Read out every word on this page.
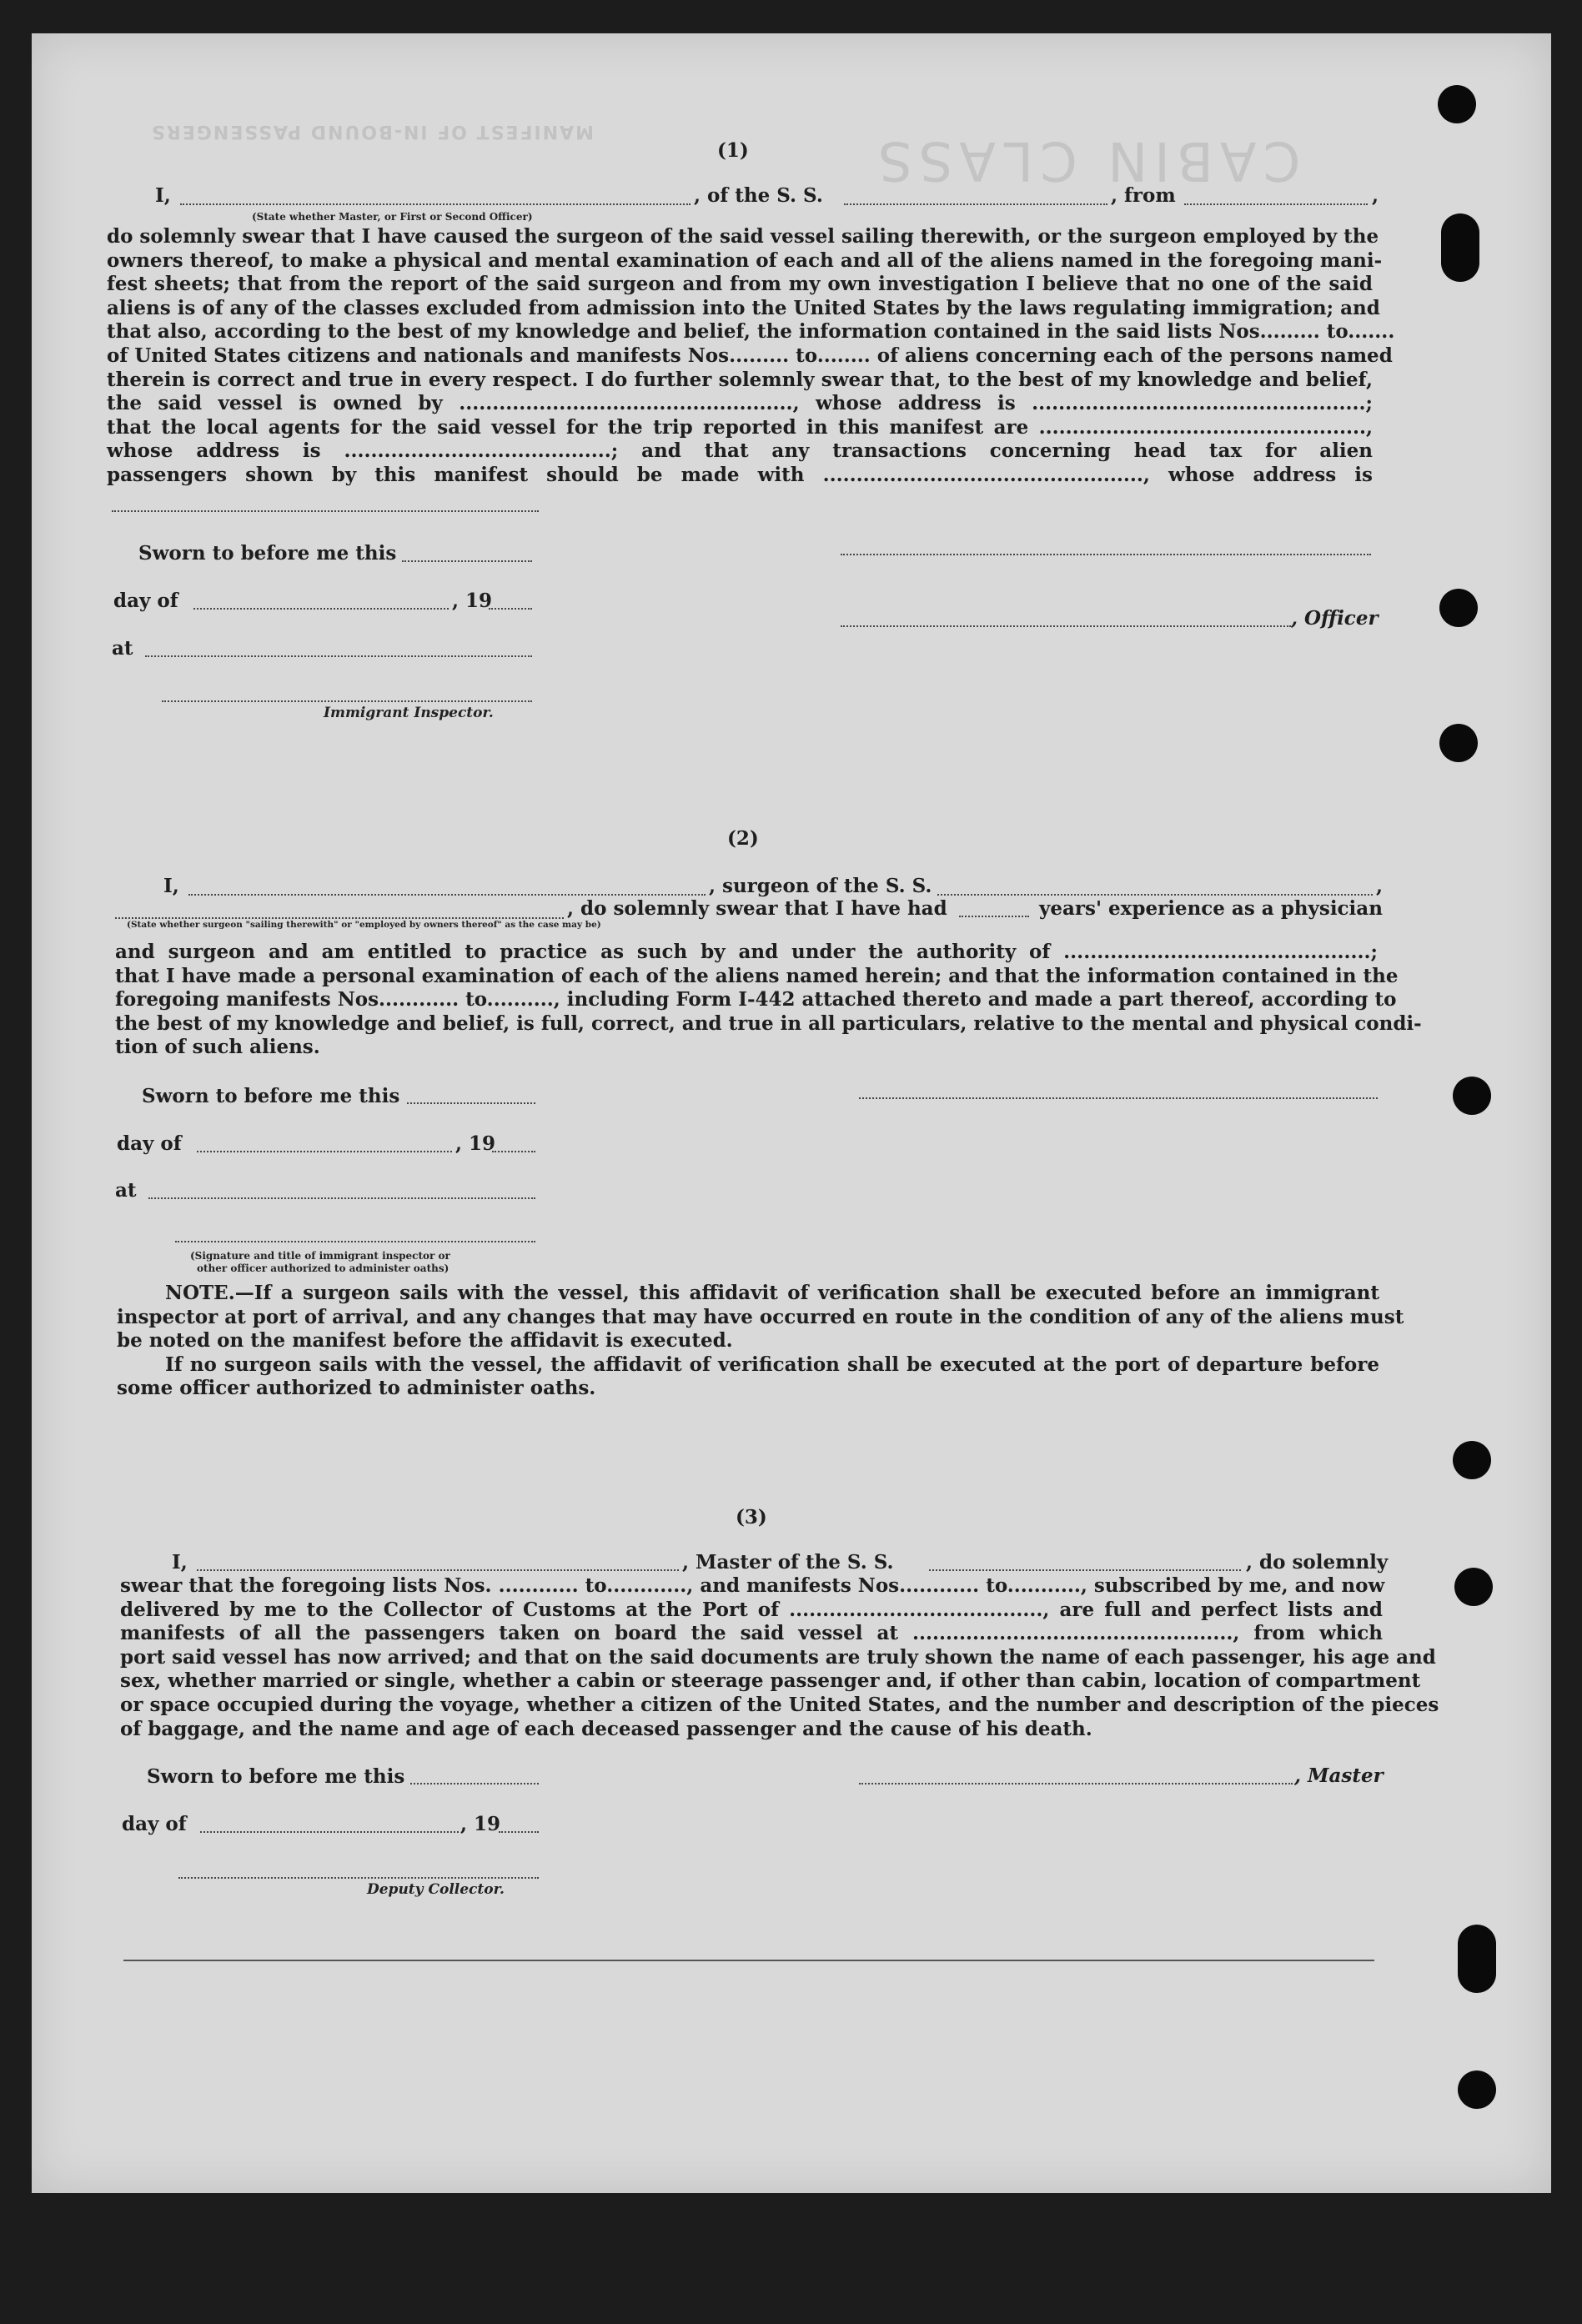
CABIN CLASS
MANIFEST OF IN-BOUND PASSENGERS
(1)
I,	, of the S. S.	, from	,
(State whether Master, or First or Second Officer)
do solemnly swear that I have caused the surgeon of the said vessel sailing therewith, or the surgeon employed by the
owners thereof, to make a physical and mental examination of each and all of the aliens named in the foregoing mani-
fest sheets; that from the report of the said surgeon and from my own investigation I believe that no one of the said
aliens is of any of the classes excluded from admission into the United States by the laws regulating immigration; and
that also, according to the best of my knowledge and belief, the information contained in the said lists Nos......... to.......
of United States citizens and nationals and manifests Nos......... to........ of aliens concerning each of the persons named
therein is correct and true in every respect. I do further solemnly swear that, to the best of my knowledge and belief,
the said vessel is owned by .................................................., whose address is ..................................................;
that the local agents for the said vessel for the trip reported in this manifest are .................................................,
whose address is ........................................; and that any transactions concerning head tax for alien
passengers shown by this manifest should be made with ................................................, whose address is
Sworn to before me this
day of	, 19
, Officer
at
Immigrant Inspector.
(2)
I,	, surgeon of the S. S.	,
, do solemnly swear that I have had	years' experience as a physician
(State whether surgeon "sailing therewith" or "employed by owners thereof" as the case may be)
and surgeon and am entitled to practice as such by and under the authority of ..............................................;
that I have made a personal examination of each of the aliens named herein; and that the information contained in the
foregoing manifests Nos............ to.........., including Form I-442 attached thereto and made a part thereof, according to
the best of my knowledge and belief, is full, correct, and true in all particulars, relative to the mental and physical condi-
tion of such aliens.
Sworn to before me this
day of	, 19
at
(Signature and title of immigrant inspector or
other officer authorized to administer oaths)
NOTE.—If a surgeon sails with the vessel, this affidavit of verification shall be executed before an immigrant
inspector at port of arrival, and any changes that may have occurred en route in the condition of any of the aliens must
be noted on the manifest before the affidavit is executed.
If no surgeon sails with the vessel, the affidavit of verification shall be executed at the port of departure before
some officer authorized to administer oaths.
(3)
I,	, Master of the S. S.	, do solemnly
swear that the foregoing lists Nos. ............ to............, and manifests Nos............ to..........., subscribed by me, and now
delivered by me to the Collector of Customs at the Port of ......................................, are full and perfect lists and
manifests of all the passengers taken on board the said vessel at ................................................, from which
port said vessel has now arrived; and that on the said documents are truly shown the name of each passenger, his age and
sex, whether married or single, whether a cabin or steerage passenger and, if other than cabin, location of compartment
or space occupied during the voyage, whether a citizen of the United States, and the number and description of the pieces
of baggage, and the name and age of each deceased passenger and the cause of his death.
Sworn to before me this	, Master
day of	, 19
Deputy Collector.
